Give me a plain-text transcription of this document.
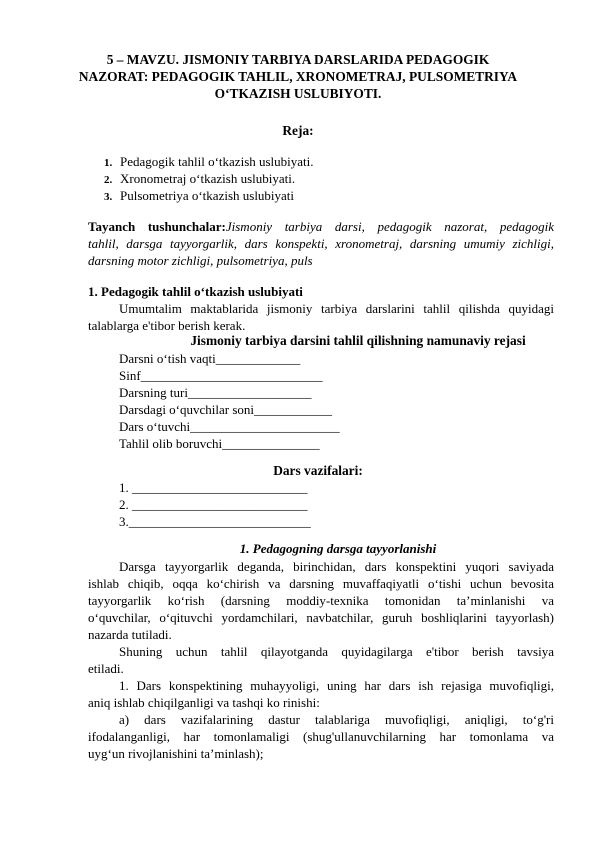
5 – MAVZU. JISMONIY TARBIYA DARSLARIDA PEDAGOGIK
NAZORAT: PEDAGOGIK TAHLIL, XRONOMETRAJ, PULSOMETRIYA
O‘TKAZISH USLUBIYOTI.
Reja:
1. Pedagogik tahlil o‘tkazish uslubiyati.
2. Xronometraj o‘tkazish uslubiyati.
3. Pulsometriya o‘tkazish uslubiyati
Tayanch tushunchalar:Jismoniy tarbiya darsi, pedagogik nazorat, pedagogik
tahlil, darsga tayyorgarlik, dars konspekti, xronometraj, darsning umumiy zichligi,
darsning motor zichligi, pulsometriya, puls
1. Pedagogik tahlil o‘tkazish uslubiyati
Umumtalim maktablarida jismoniy tarbiya darslarini tahlil qilishda quyidagi
talablarga e'tibor berish kerak.
Jismoniy tarbiya darsini tahlil qilishning namunaviy rejasi
Darsni o‘tish vaqti_____________
Sinf____________________________
Darsning turi___________________
Darsdagi o‘quvchilar soni____________
Dars o‘tuvchi_______________________
Tahlil olib boruvchi_______________
Dars vazifalari:
1. ___________________________
2. ___________________________
3.____________________________
1. Pedagogning darsga tayyorlanishi
Darsga tayyorgarlik deganda, birinchidan, dars konspektini yuqori saviyada
ishlab chiqib, oqqa ko‘chirish va darsning muvaffaqiyatli o‘tishi uchun bevosita
tayyorgarlik ko‘rish (darsning moddiy-texnika tomonidan ta’minlanishi va
o‘quvchilar, o‘qituvchi yordamchilari, navbatchilar, guruh boshliqlarini tayyorlash)
nazarda tutiladi.
Shuning uchun tahlil qilayotganda quyidagilarga e'tibor berish tavsiya
etiladi.
1. Dars konspektining muhayyoligi, uning har dars ish rejasiga muvofiqligi,
aniq ishlab chiqilganligi va tashqi ko rinishi:
a) dars vazifalarining dastur talablariga muvofiqligi, aniqligi, to‘g'ri
ifodalanganligi, har tomonlamaligi (shug'ullanuvchilarning har tomonlama va
uyg‘un rivojlanishini ta’minlash);
